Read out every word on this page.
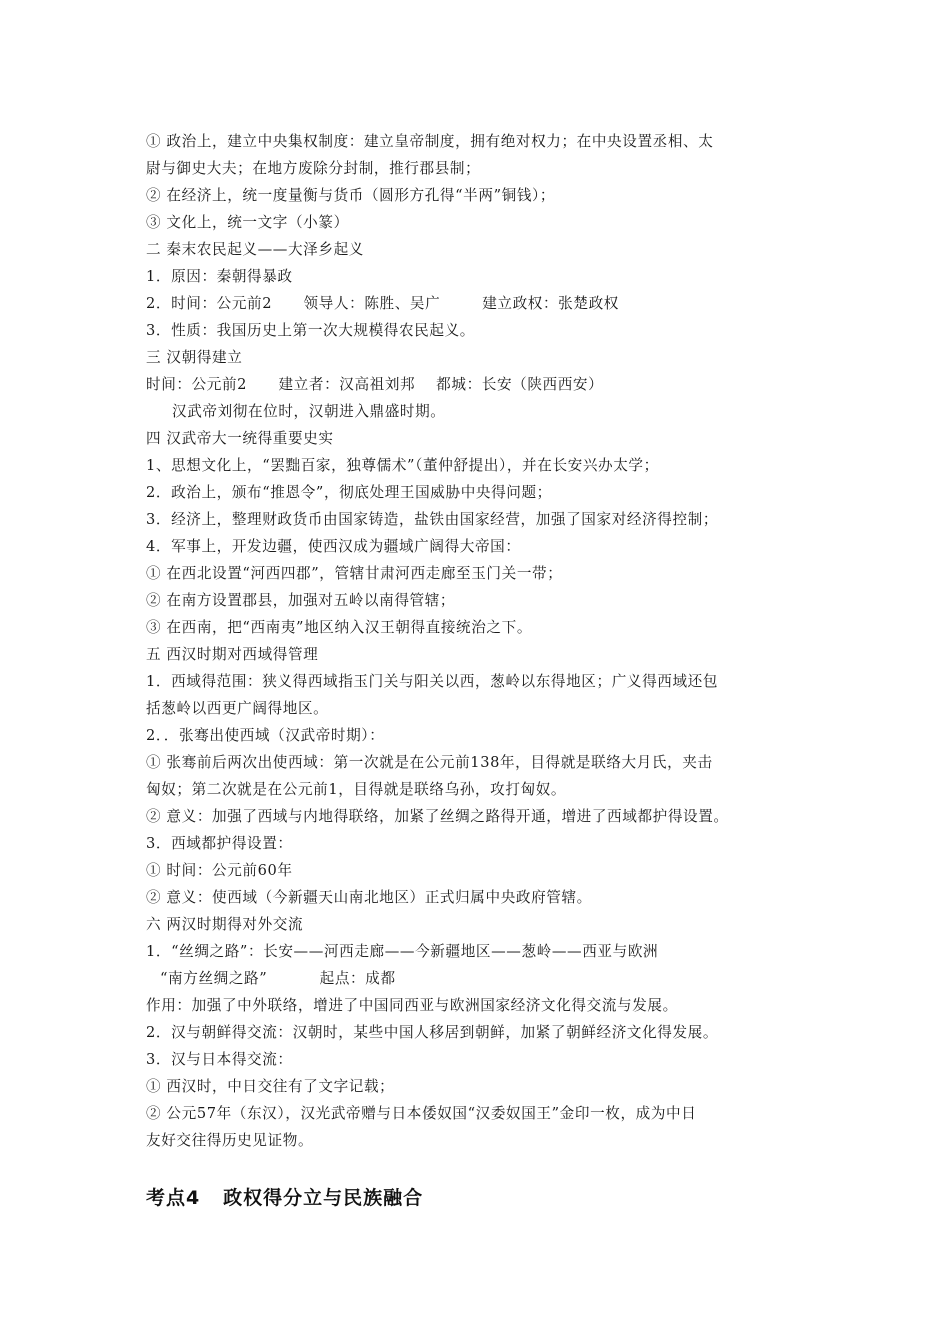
① 政治上，建立中央集权制度：建立皇帝制度，拥有绝对权力；在中央设置丞相、太
尉与御史大夫；在地方废除分封制，推行郡县制；
② 在经济上，统一度量衡与货币（圆形方孔得“半两”铜钱）；
③ 文化上，统一文字（小篆）
二 秦末农民起义——大泽乡起义
1．原因：秦朝得暴政
2．时间：公元前2      领导人：陈胜、吴广        建立政权：张楚政权
3．性质：我国历史上第一次大规模得农民起义。
三 汉朝得建立
时间：公元前2      建立者：汉高祖刘邦    都城：长安（陕西西安）
汉武帝刘彻在位时，汉朝进入鼎盛时期。
四 汉武帝大一统得重要史实
1、思想文化上，“罢黜百家，独尊儒术”（董仲舒提出），并在长安兴办太学；
2．政治上，颁布“推恩令”，彻底处理王国威胁中央得问题；
3．经济上，整理财政货币由国家铸造，盐铁由国家经营，加强了国家对经济得控制；
4．军事上，开发边疆，使西汉成为疆域广阔得大帝国：
① 在西北设置“河西四郡”，管辖甘肃河西走廊至玉门关一带；
② 在南方设置郡县，加强对五岭以南得管辖；
③ 在西南，把“西南夷”地区纳入汉王朝得直接统治之下。
五 西汉时期对西域得管理
1．西域得范围：狭义得西域指玉门关与阳关以西，葱岭以东得地区；广义得西域还包
括葱岭以西更广阔得地区。
2．．张骞出使西域（汉武帝时期）：
① 张骞前后两次出使西域：第一次就是在公元前138年，目得就是联络大月氏，夹击
匈奴；第二次就是在公元前1，目得就是联络乌孙，攻打匈奴。
② 意义：加强了西域与内地得联络，加紧了丝绸之路得开通，增进了西域都护得设置。
3．西域都护得设置：
① 时间：公元前60年
② 意义：使西域（今新疆天山南北地区）正式归属中央政府管辖。
六 两汉时期得对外交流
1．“丝绸之路”：长安——河西走廊——今新疆地区——葱岭——西亚与欧洲
“南方丝绸之路”          起点：成都
作用：加强了中外联络，增进了中国同西亚与欧洲国家经济文化得交流与发展。
2．汉与朝鲜得交流：汉朝时，某些中国人移居到朝鲜，加紧了朝鲜经济文化得发展。
3．汉与日本得交流：
① 西汉时，中日交往有了文字记载；
② 公元57年（东汉），汉光武帝赠与日本倭奴国“汉委奴国王”金印一枚，成为中日
友好交往得历史见证物。
考点4   政权得分立与民族融合
